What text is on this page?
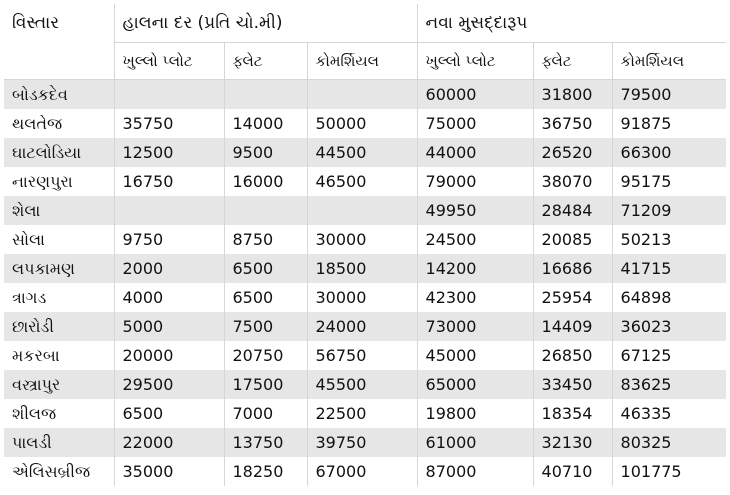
વિસ્તાર	હાલના દર (પ્રતિ ચો.મી)			નવા મુસદ્દારૂપ		
	ખુલ્લો પ્લોટ	ફ્લેટ	કોમર્શિયલ	ખુલ્લો પ્લોટ	ફ્લેટ	કોમર્શિયલ
બોડકદેવ				60000	31800	79500
થલતેજ	35750	14000	50000	75000	36750	91875
ઘાટલોડિયા	12500	9500	44500	44000	26520	66300
નારણપુરા	16750	16000	46500	79000	38070	95175
શેલા				49950	28484	71209
સોલા	9750	8750	30000	24500	20085	50213
લપકામણ	2000	6500	18500	14200	16686	41715
ત્રાગડ	4000	6500	30000	42300	25954	64898
છારોડી	5000	7500	24000	73000	14409	36023
મકરબા	20000	20750	56750	45000	26850	67125
વસ્ત્રાપુર	29500	17500	45500	65000	33450	83625
શીલજ	6500	7000	22500	19800	18354	46335
પાલડી	22000	13750	39750	61000	32130	80325
એલિસબ્રીજ	35000	18250	67000	87000	40710	101775
